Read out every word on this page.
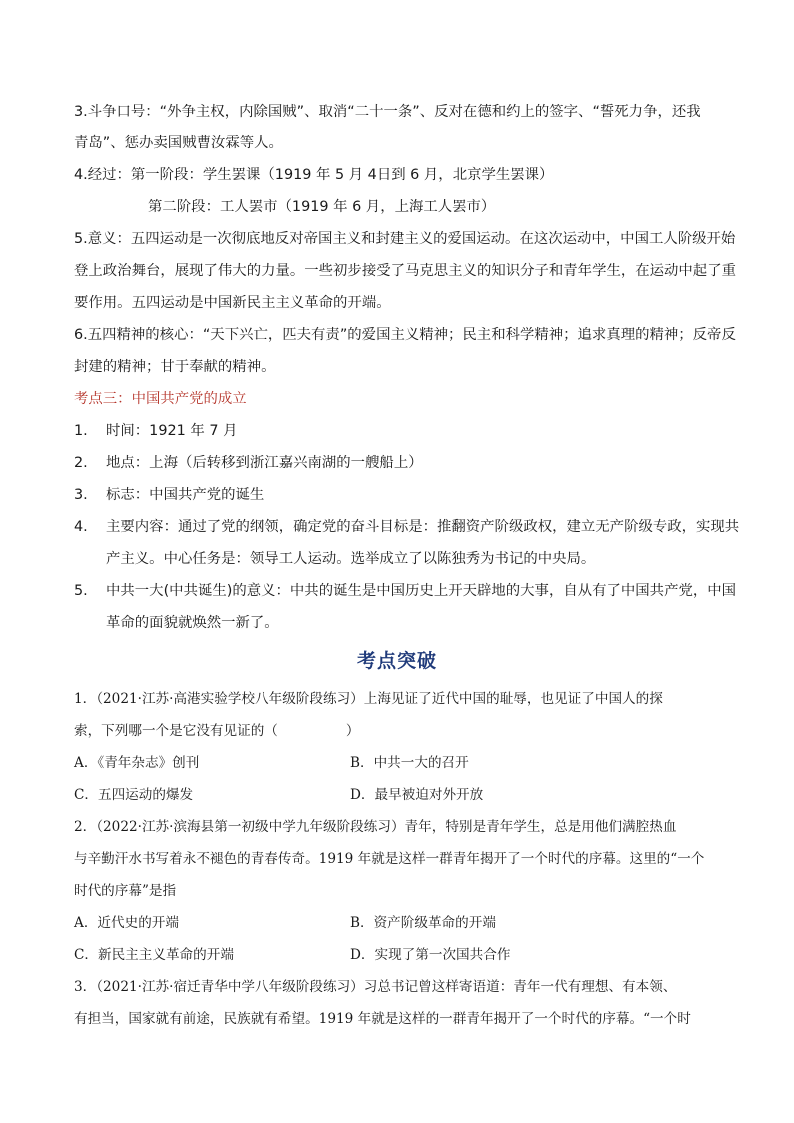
3.斗争口号：“外争主权，内除国贼”、取消“二十一条”、反对在德和约上的签字、“誓死力争，还我
青岛”、惩办卖国贼曹汝霖等人。
4.经过：第一阶段：学生罢课（1919 年 5 月 4日到 6 月，北京学生罢课）
第二阶段：工人罢市（1919 年 6 月，上海工人罢市）
5.意义：五四运动是一次彻底地反对帝国主义和封建主义的爱国运动。在这次运动中，中国工人阶级开始
登上政治舞台，展现了伟大的力量。一些初步接受了马克思主义的知识分子和青年学生，在运动中起了重
要作用。五四运动是中国新民主主义革命的开端。
6.五四精神的核心：“天下兴亡，匹夫有责”的爱国主义精神；民主和科学精神；追求真理的精神；反帝反
封建的精神；甘于奉献的精神。
考点三：中国共产党的成立
1. 时间：1921 年 7 月
2. 地点：上海（后转移到浙江嘉兴南湖的一艘船上）
3. 标志：中国共产党的诞生
4. 主要内容：通过了党的纲领，确定党的奋斗目标是：推翻资产阶级政权，建立无产阶级专政，实现共
产主义。中心任务是：领导工人运动。选举成立了以陈独秀为书记的中央局。
5. 中共一大(中共诞生)的意义：中共的诞生是中国历史上开天辟地的大事，自从有了中国共产党，中国
革命的面貌就焕然一新了。
考点突破
1．（2021·江苏·高港实验学校八年级阶段练习）上海见证了近代中国的耻辱，也见证了中国人的探
索，下列哪一个是它没有见证的（　　　　　）
A．《青年杂志》创刊	B．中共一大的召开
C．五四运动的爆发	D．最早被迫对外开放
2．（2022·江苏·滨海县第一初级中学九年级阶段练习）青年，特别是青年学生，总是用他们满腔热血
与辛勤汗水书写着永不褪色的青春传奇。1919 年就是这样一群青年揭开了一个时代的序幕。这里的“一个
时代的序幕”是指
A．近代史的开端	B．资产阶级革命的开端
C．新民主主义革命的开端	D．实现了第一次国共合作
3．（2021·江苏·宿迁青华中学八年级阶段练习）习总书记曾这样寄语道：青年一代有理想、有本领、
有担当，国家就有前途，民族就有希望。1919 年就是这样的一群青年揭开了一个时代的序幕。“一个时
